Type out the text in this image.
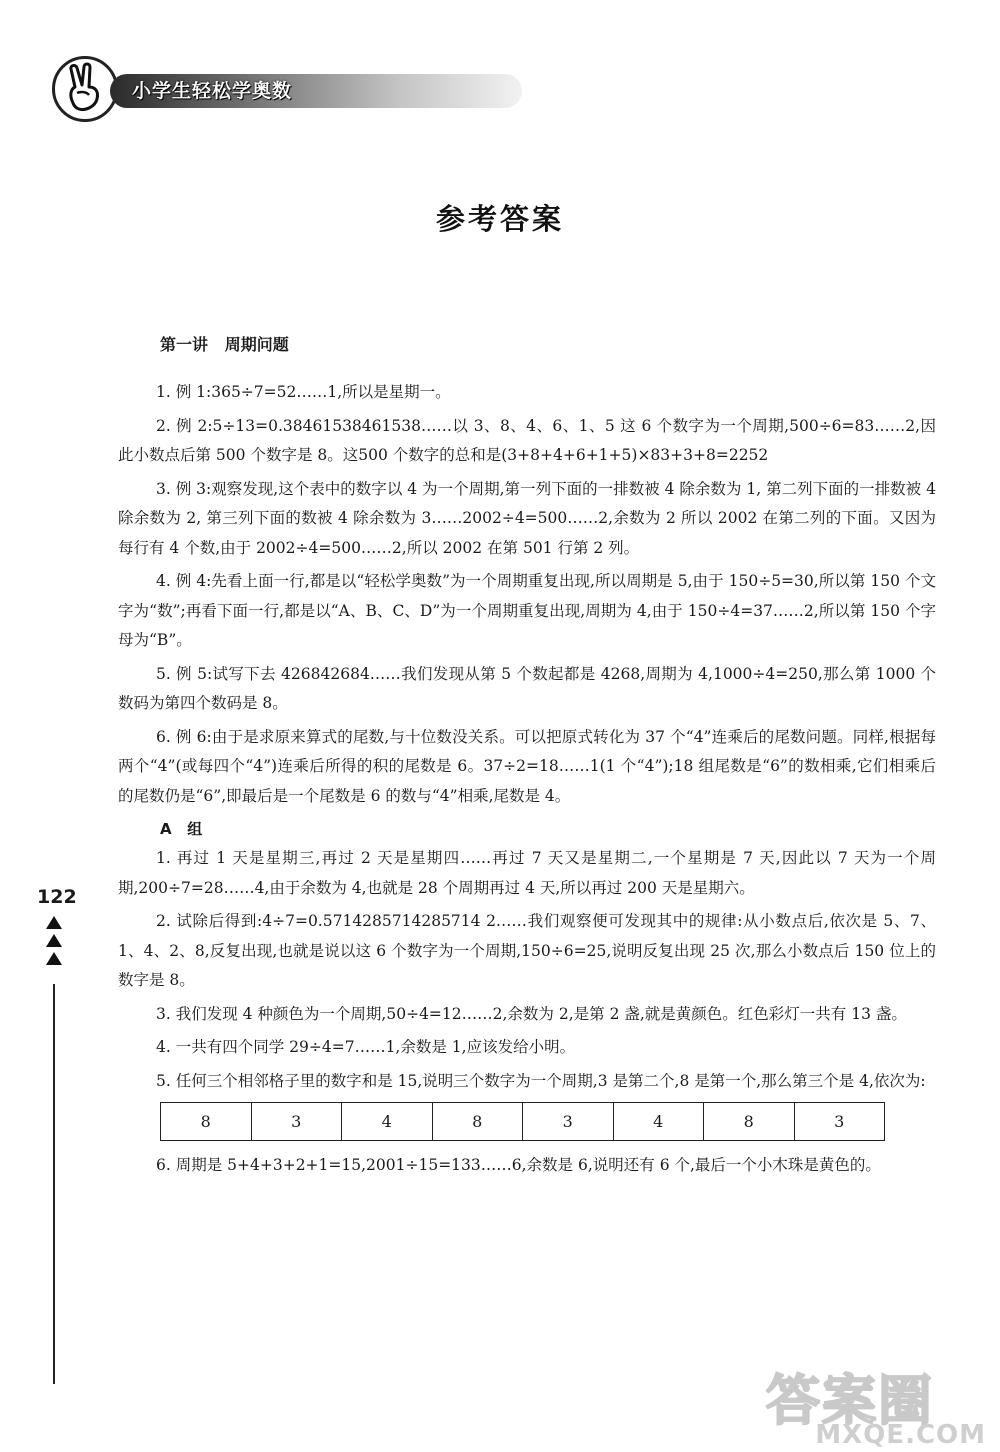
小学生轻松学奥数
参考答案
122
第一讲   周期问题

1. 例 1:365÷7=52……1,所以是星期一。

2. 例 2:5÷13=0.38461538461538……以 3、8、4、6、1、5 这 6 个数字为一个周期,500÷6=83……2,因此小数点后第 500 个数字是 8。这500 个数字的总和是(3+8+4+6+1+5)×83+3+8=2252

3. 例 3:观察发现,这个表中的数字以 4 为一个周期,第一列下面的一排数被 4 除余数为 1, 第二列下面的一排数被 4 除余数为 2, 第三列下面的数被 4 除余数为 3……2002÷4=500……2,余数为 2 所以 2002 在第二列的下面。又因为每行有 4 个数,由于 2002÷4=500……2,所以 2002 在第 501 行第 2 列。

4. 例 4:先看上面一行,都是以“轻松学奥数”为一个周期重复出现,所以周期是 5,由于 150÷5=30,所以第 150 个文字为“数”;再看下面一行,都是以“A、B、C、D”为一个周期重复出现,周期为 4,由于 150÷4=37……2,所以第 150 个字母为“B”。

5. 例 5:试写下去 426842684……我们发现从第 5 个数起都是 4268,周期为 4,1000÷4=250,那么第 1000 个数码为第四个数码是 8。

6. 例 6:由于是求原来算式的尾数,与十位数没关系。可以把原式转化为 37 个“4”连乘后的尾数问题。同样,根据每两个“4”(或每四个“4”)连乘后所得的积的尾数是 6。37÷2=18……1(1 个“4”);18 组尾数是“6”的数相乘,它们相乘后的尾数仍是“6”,即最后是一个尾数是 6 的数与“4”相乘,尾数是 4。

A   组

1. 再过 1 天是星期三,再过 2 天是星期四……再过 7 天又是星期二,一个星期是 7 天,因此以 7 天为一个周期,200÷7=28……4,由于余数为 4,也就是 28 个周期再过 4 天,所以再过 200 天是星期六。

2. 试除后得到:4÷7=0.5714285714285714 2……我们观察便可发现其中的规律:从小数点后,依次是 5、7、1、4、2、8,反复出现,也就是说以这 6 个数字为一个周期,150÷6=25,说明反复出现 25 次,那么小数点后 150 位上的数字是 8。

3. 我们发现 4 种颜色为一个周期,50÷4=12……2,余数为 2,是第 2 盏,就是黄颜色。红色彩灯一共有 13 盏。

4. 一共有四个同学 29÷4=7……1,余数是 1,应该发给小明。

5. 任何三个相邻格子里的数字和是 15,说明三个数字为一个周期,3 是第二个,8 是第一个,那么第三个是 4,依次为:

8	3	4	8	3	4	8	3

6. 周期是 5+4+3+2+1=15,2001÷15=133……6,余数是 6,说明还有 6 个,最后一个小木珠是黄色的。

答案圈
MXQE.COM
